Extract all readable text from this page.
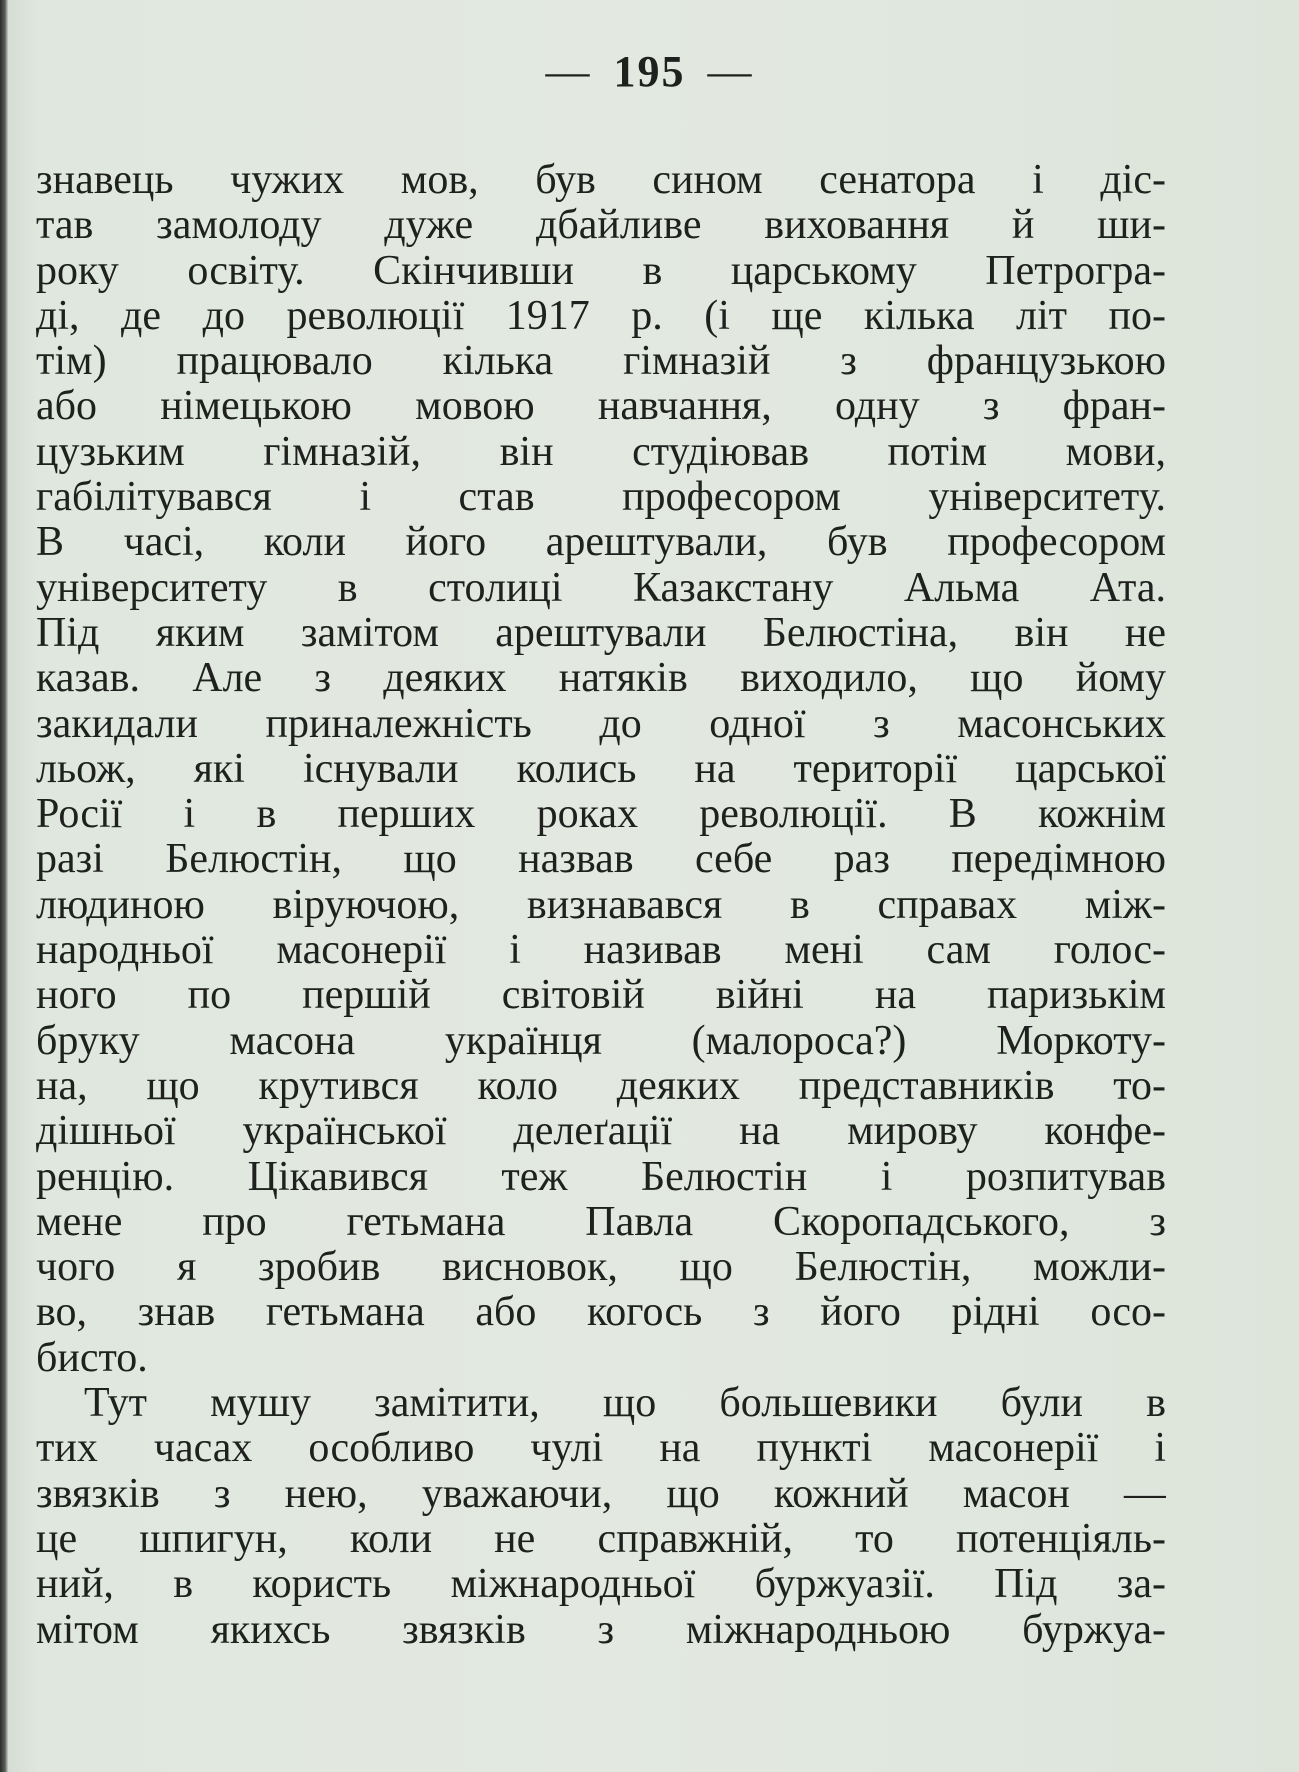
— 195 —
знавець чужих мов, був сином сенатора і діс-
тав замолоду дуже дбайливе виховання й ши-
року освіту. Скінчивши в царському Петрогра-
ді, де до революції 1917 р. (і ще кілька літ по-
тім) працювало кілька гімназій з французькою
або німецькою мовою навчання, одну з фран-
цузьким гімназій, він студіював потім мови,
габілітувався і став професором університету.
В часі, коли його арештували, був професором
університету в столиці Казакстану Альма Ата.
Під яким замітом арештували Белюстіна, він не
казав. Але з деяких натяків виходило, що йому
закидали приналежність до одної з масонських
льож, які існували колись на території царської
Росії і в перших роках революції. В кожнім
разі Белюстін, що назвав себе раз передімною
людиною віруючою, визнавався в справах між-
народньої масонерії і називав мені сам голос-
ного по першій світовій війні на паризькім
бруку масона українця (малороса?) Моркоту-
на, що крутився коло деяких представників то-
дішньої української делеґації на мирову конфе-
ренцію. Цікавився теж Белюстін і розпитував
мене про гетьмана Павла Скоропадського, з
чого я зробив висновок, що Белюстін, можли-
во, знав гетьмана або когось з його рідні осо-
бисто.
Тут мушу замітити, що большевики були в
тих часах особливо чулі на пункті масонерії і
звязків з нею, уважаючи, що кожний масон —
це шпигун, коли не справжній, то потенціяль-
ний, в користь міжнародньої буржуазії. Під за-
мітом якихсь звязків з міжнародньою буржуа-
